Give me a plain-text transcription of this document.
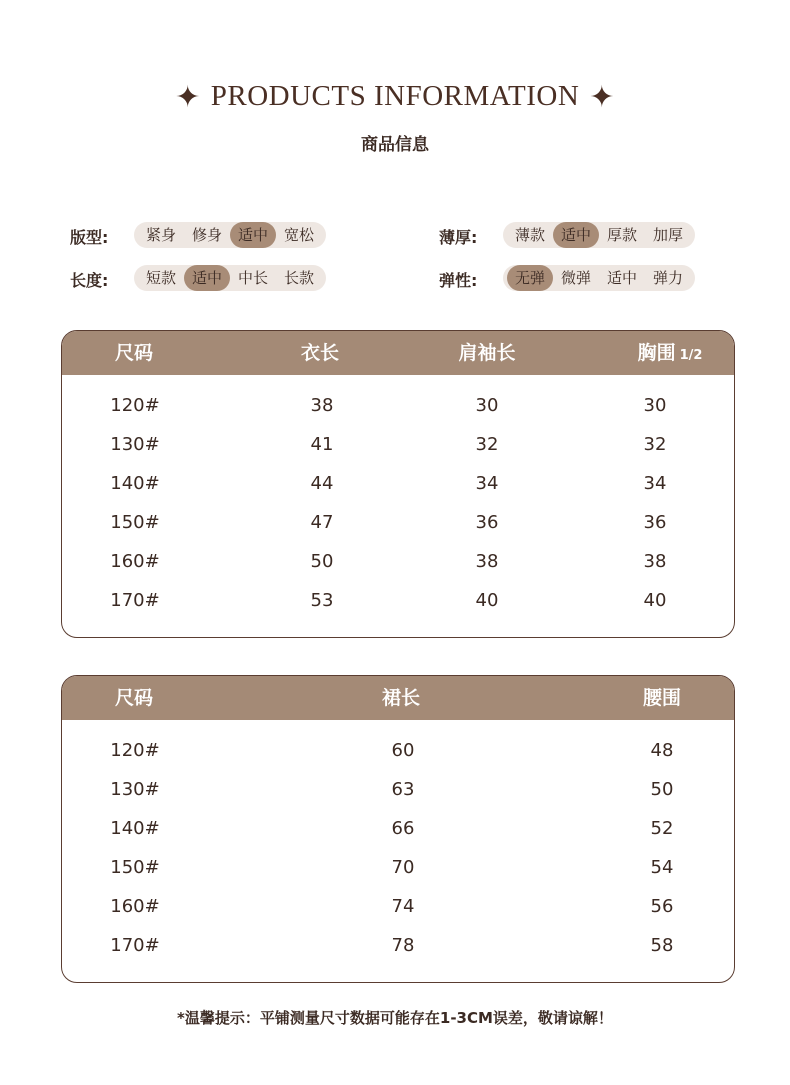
✦ PRODUCTS INFORMATION ✦
商品信息
版型:	紧身	修身	适中	宽松	薄厚:	薄款	适中	厚款	加厚
长度:	短款	适中	中长	长款	弹性:	无弹	微弹	适中	弹力
尺码	衣长	肩袖长	胸围 1/2
120#	38	30	30
130#	41	32	32
140#	44	34	34
150#	47	36	36
160#	50	38	38
170#	53	40	40
尺码	裙长	腰围
120#	60	48
130#	63	50
140#	66	52
150#	70	54
160#	74	56
170#	78	58
*温馨提示：平铺测量尺寸数据可能存在1-3CM误差，敬请谅解！
